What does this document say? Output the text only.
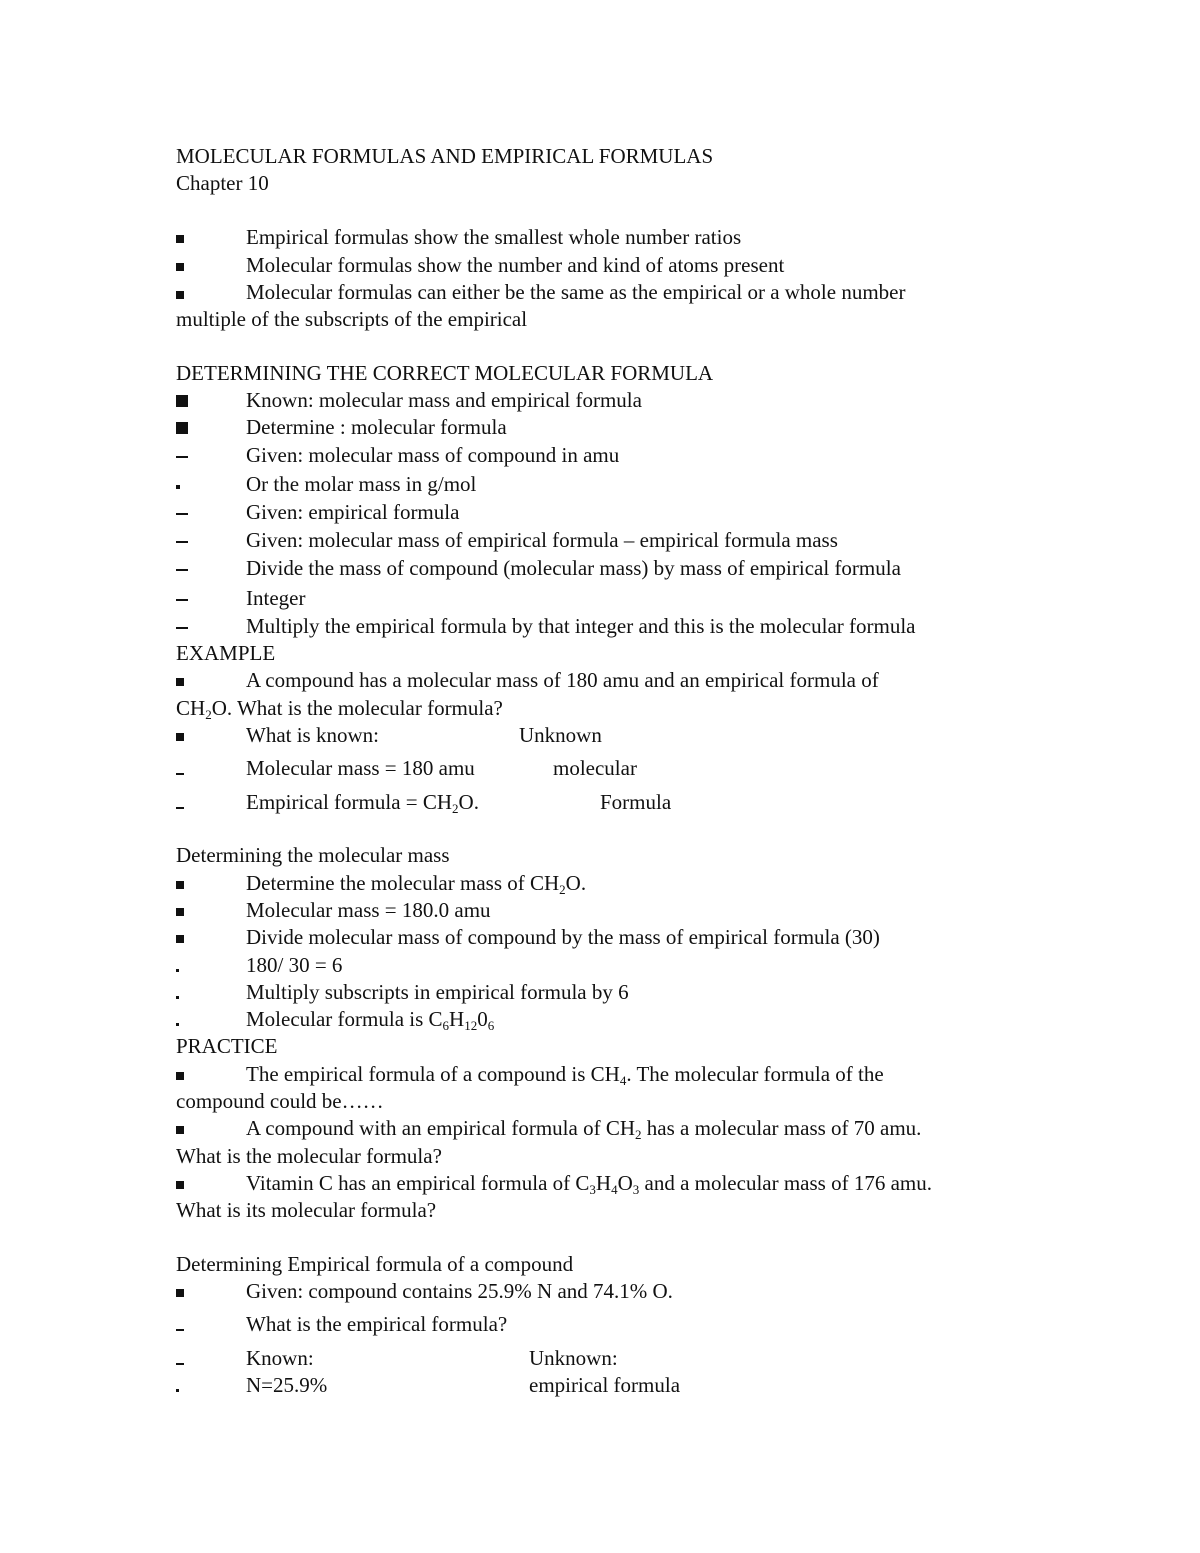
MOLECULAR FORMULAS AND EMPIRICAL FORMULAS
Chapter 10
Empirical formulas show the smallest whole number ratios
Molecular formulas show the number and kind of atoms present
Molecular formulas can either be the same as the empirical or a whole number
multiple of the subscripts of the empirical
DETERMINING THE CORRECT MOLECULAR FORMULA
Known: molecular mass and empirical formula
Determine : molecular formula
Given: molecular mass of compound in amu
Or the molar mass in g/mol
Given: empirical formula
Given: molecular mass of empirical formula – empirical formula mass
Divide the mass of compound (molecular mass) by mass of empirical formula
Integer
Multiply the empirical formula by that integer and this is the molecular formula
EXAMPLE
A compound has a molecular mass of 180 amu and an empirical formula of
$CH_2O$. What is the molecular formula?
What is known:	Unknown
Molecular mass = 180 amu	molecular
Empirical formula = $CH_2O$.	Formula
Determining the molecular mass
Determine the molecular mass of $CH_2O$.
Molecular mass = 180.0 amu
Divide molecular mass of compound by the mass of empirical formula (30)
180/ 30 = 6
Multiply subscripts in empirical formula by 6
Molecular formula is $C_6H_{12}0_6$
PRACTICE
The empirical formula of a compound is $CH_4$. The molecular formula of the
compound could be……
A compound with an empirical formula of $CH_2$ has a molecular mass of 70 amu.
What is the molecular formula?
Vitamin C has an empirical formula of $C_3H_4O_3$ and a molecular mass of 176 amu.
What is its molecular formula?
Determining Empirical formula of a compound
Given: compound contains 25.9% N and 74.1% O.
What is the empirical formula?
Known:	Unknown:
N=25.9%	empirical formula
